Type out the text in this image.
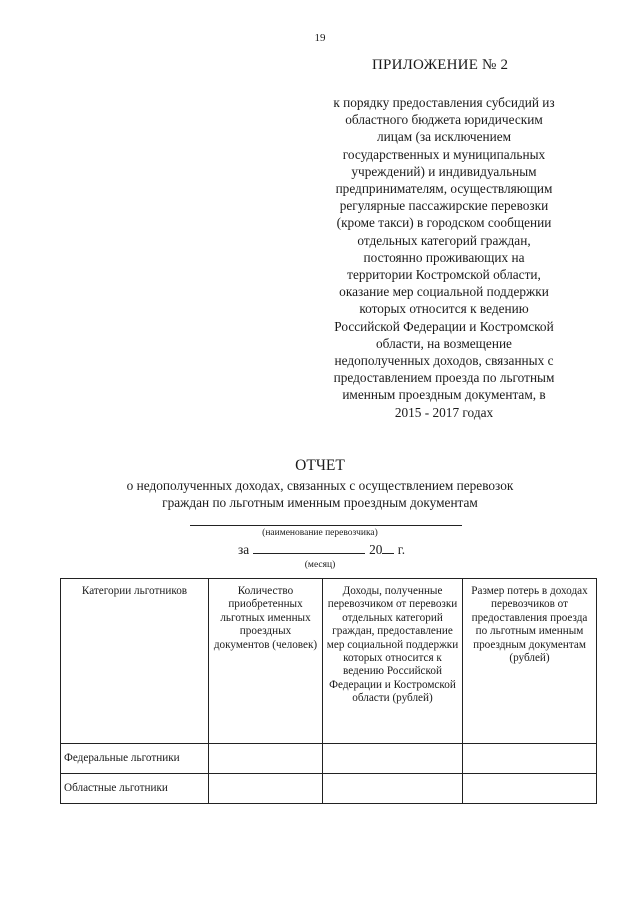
19
ПРИЛОЖЕНИЕ № 2
к порядку предоставления субсидий из
областного бюджета юридическим
лицам (за исключением
государственных и муниципальных
учреждений) и индивидуальным
предпринимателям, осуществляющим
регулярные пассажирские перевозки
(кроме такси) в городском сообщении
отдельных категорий граждан,
постоянно проживающих на
территории Костромской области,
оказание мер социальной поддержки
которых относится к ведению
Российской Федерации и Костромской
области, на возмещение
недополученных доходов, связанных с
предоставлением проезда по льготным
именным проездным документам, в
2015 - 2017 годах
ОТЧЕТ
о недополученных доходах, связанных с осуществлением перевозок
граждан по льготным именным проездным документам
(наименование перевозчика)
за	20 г.
(месяц)
Категории льготников	Количество приобретенных льготных именных проездных документов (человек)	Доходы, полученные перевозчиком от перевозки отдельных категорий граждан, предоставление мер социальной поддержки которых относится к ведению Российской Федерации и Костромской области (рублей)	Размер потерь в доходах перевозчиков от предоставления проезда по льготным именным проездным документам (рублей)
Федеральные льготники			
Областные льготники			
